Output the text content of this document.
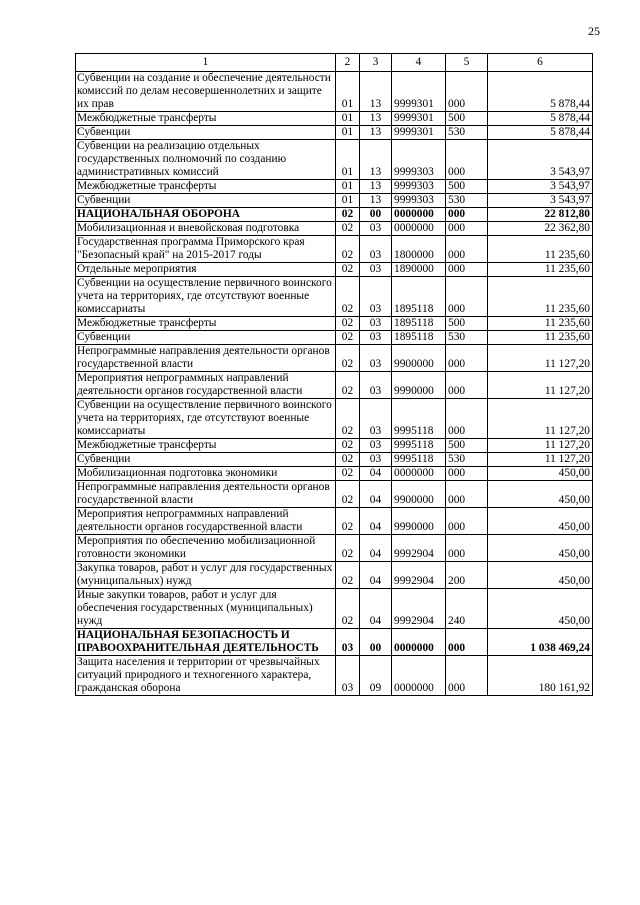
25
1	2	3	4	5	6
Субвенции на создание и обеспечение деятельности комиссий по делам несовершеннолетних и защите их прав	01	13	9999301	000	5 878,44
Межбюджетные трансферты	01	13	9999301	500	5 878,44
Субвенции	01	13	9999301	530	5 878,44
Субвенции на реализацию отдельных государственных полномочий по созданию административных комиссий	01	13	9999303	000	3 543,97
Межбюджетные трансферты	01	13	9999303	500	3 543,97
Субвенции	01	13	9999303	530	3 543,97
НАЦИОНАЛЬНАЯ ОБОРОНА	02	00	0000000	000	22 812,80
Мобилизационная и вневойсковая подготовка	02	03	0000000	000	22 362,80
Государственная программа Приморского края "Безопасный край" на 2015-2017 годы	02	03	1800000	000	11 235,60
Отдельные мероприятия	02	03	1890000	000	11 235,60
Субвенции на осуществление первичного воинского учета на территориях, где отсутствуют военные комиссариаты	02	03	1895118	000	11 235,60
Межбюджетные трансферты	02	03	1895118	500	11 235,60
Субвенции	02	03	1895118	530	11 235,60
Непрограммные направления деятельности органов государственной власти	02	03	9900000	000	11 127,20
Мероприятия непрограммных направлений деятельности органов государственной власти	02	03	9990000	000	11 127,20
Субвенции на осуществление первичного воинского учета на территориях, где отсутствуют военные комиссариаты	02	03	9995118	000	11 127,20
Межбюджетные трансферты	02	03	9995118	500	11 127,20
Субвенции	02	03	9995118	530	11 127,20
Мобилизационная подготовка экономики	02	04	0000000	000	450,00
Непрограммные направления деятельности органов государственной власти	02	04	9900000	000	450,00
Мероприятия непрограммных направлений деятельности органов государственной власти	02	04	9990000	000	450,00
Мероприятия по обеспечению мобилизационной готовности экономики	02	04	9992904	000	450,00
Закупка товаров, работ и услуг для государственных (муниципальных) нужд	02	04	9992904	200	450,00
Иные закупки товаров, работ и услуг для обеспечения государственных (муниципальных) нужд	02	04	9992904	240	450,00
НАЦИОНАЛЬНАЯ БЕЗОПАСНОСТЬ И ПРАВООХРАНИТЕЛЬНАЯ ДЕЯТЕЛЬНОСТЬ	03	00	0000000	000	1 038 469,24
Защита населения и территории от чрезвычайных ситуаций природного и техногенного характера, гражданская оборона	03	09	0000000	000	180 161,92
